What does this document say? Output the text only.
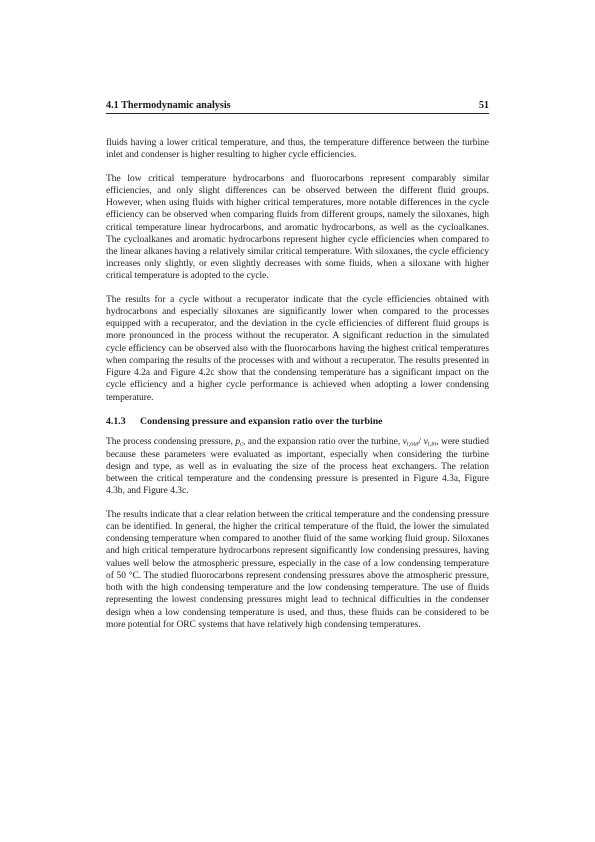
4.1 Thermodynamic analysis	51

fluids having a lower critical temperature, and thus, the temperature difference between the turbine inlet and condenser is higher resulting to higher cycle efficiencies.

The low critical temperature hydrocarbons and fluorocarbons represent comparably similar efficiencies, and only slight differences can be observed between the different fluid groups. However, when using fluids with higher critical temperatures, more notable differences in the cycle efficiency can be observed when comparing fluids from different groups, namely the siloxanes, high critical temperature linear hydrocarbons, and aromatic hydrocarbons, as well as the cycloalkanes. The cycloalkanes and aromatic hydrocarbons represent higher cycle efficiencies when compared to the linear alkanes having a relatively similar critical temperature. With siloxanes, the cycle efficiency increases only slightly, or even slightly decreases with some fluids, when a siloxane with higher critical temperature is adopted to the cycle.

The results for a cycle without a recuperator indicate that the cycle efficiencies obtained with hydrocarbons and especially siloxanes are significantly lower when compared to the processes equipped with a recuperator, and the deviation in the cycle efficiencies of different fluid groups is more pronounced in the process without the recuperator. A significant reduction in the simulated cycle efficiency can be observed also with the fluorocarbons having the highest critical temperatures when comparing the results of the processes with and without a recuperator. The results presented in Figure 4.2a and Figure 4.2c show that the condensing temperature has a significant impact on the cycle efficiency and a higher cycle performance is achieved when adopting a lower condensing temperature.

4.1.3 Condensing pressure and expansion ratio over the turbine

The process condensing pressure, $p_c$, and the expansion ratio over the turbine, $v_{t,out}/$ $v_{t,in}$, were studied because these parameters were evaluated as important, especially when considering the turbine design and type, as well as in evaluating the size of the process heat exchangers. The relation between the critical temperature and the condensing pressure is presented in Figure 4.3a, Figure 4.3b, and Figure 4.3c.

The results indicate that a clear relation between the critical temperature and the condensing pressure can be identified. In general, the higher the critical temperature of the fluid, the lower the simulated condensing temperature when compared to another fluid of the same working fluid group. Siloxanes and high critical temperature hydrocarbons represent significantly low condensing pressures, having values well below the atmospheric pressure, especially in the case of a low condensing temperature of 50 °C. The studied fluorocarbons represent condensing pressures above the atmospheric pressure, both with the high condensing temperature and the low condensing temperature. The use of fluids representing the lowest condensing pressures might lead to technical difficulties in the condenser design when a low condensing temperature is used, and thus, these fluids can be considered to be more potential for ORC systems that have relatively high condensing temperatures.
